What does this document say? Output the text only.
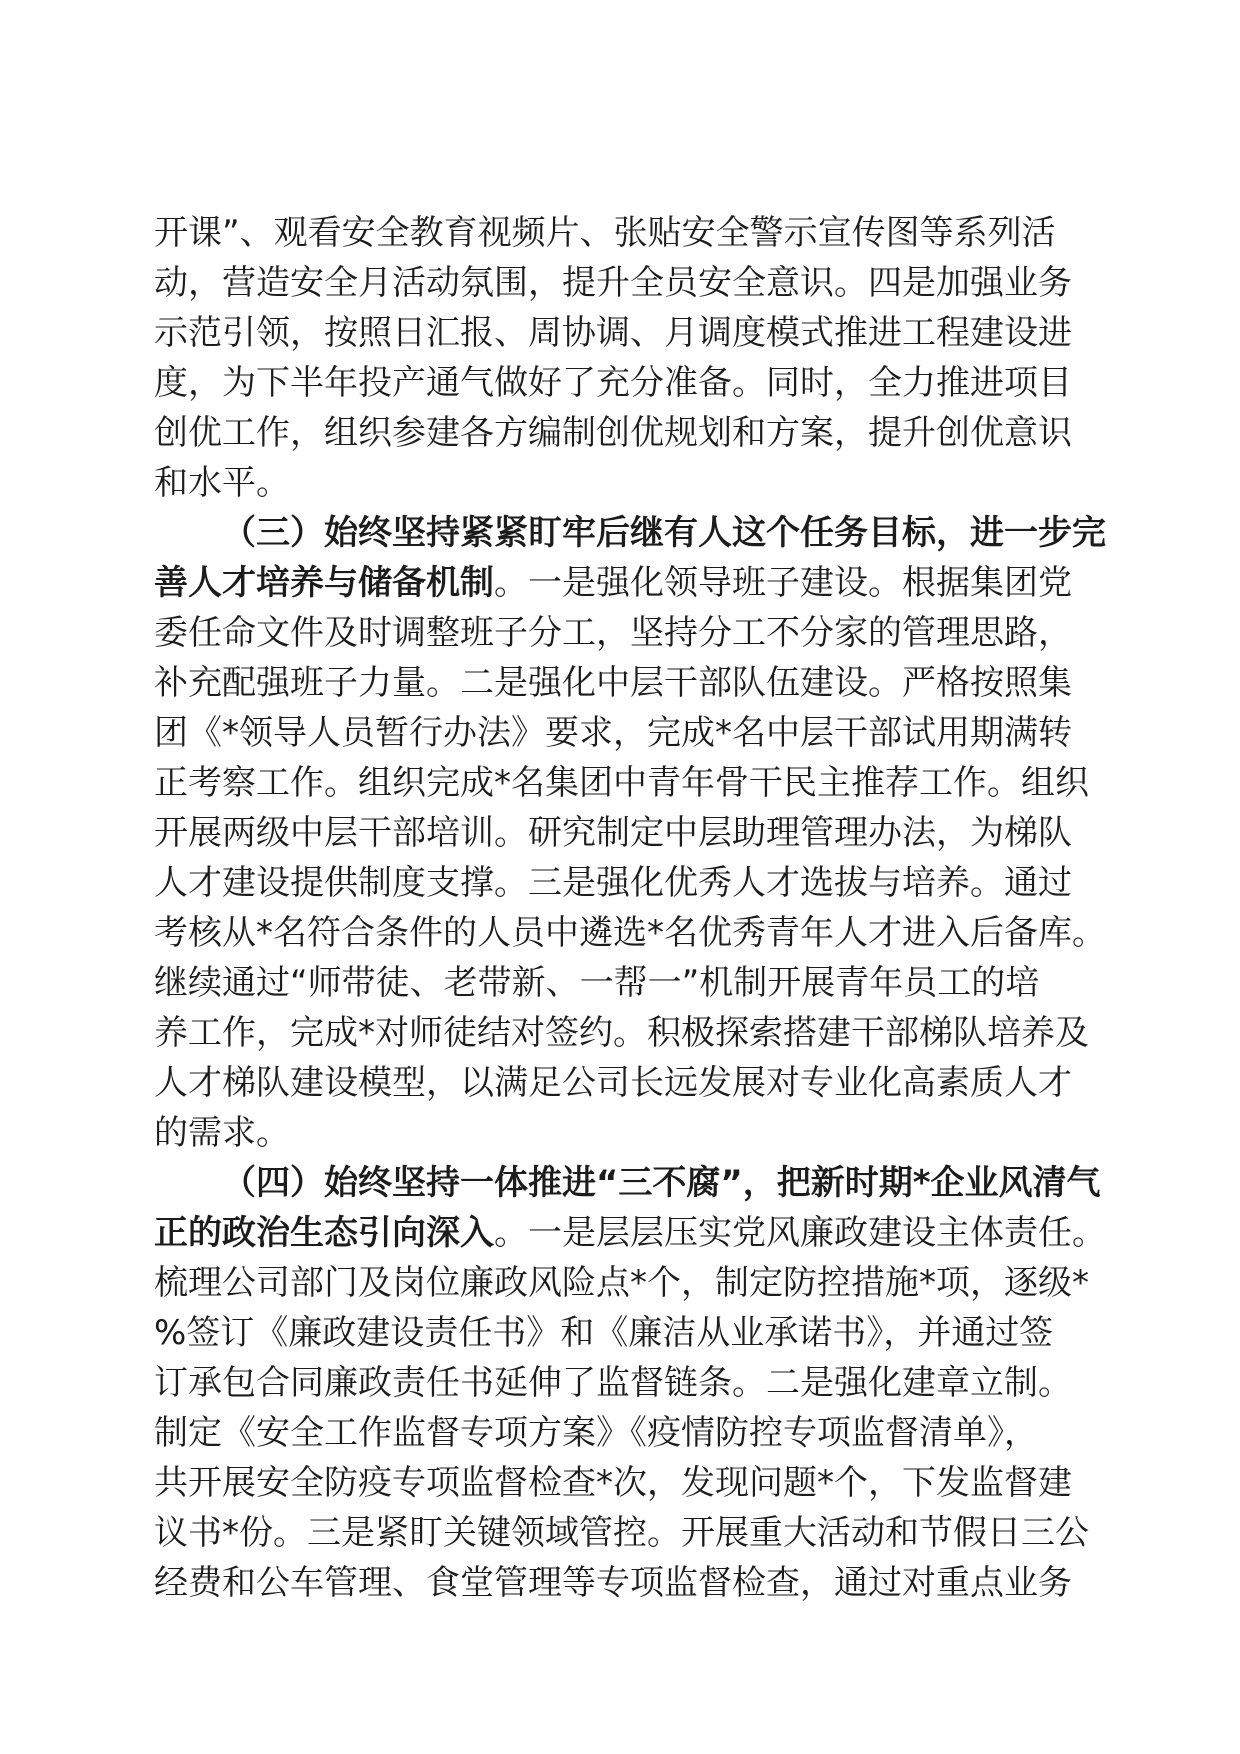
开课”、观看安全教育视频片、张贴安全警示宣传图等系列活
动，营造安全月活动氛围，提升全员安全意识。四是加强业务
示范引领，按照日汇报、周协调、月调度模式推进工程建设进
度，为下半年投产通气做好了充分准备。同时，全力推进项目
创优工作，组织参建各方编制创优规划和方案，提升创优意识
和水平。
（三）始终坚持紧紧盯牢后继有人这个任务目标，进一步完
善人才培养与储备机制。一是强化领导班子建设。根据集团党
委任命文件及时调整班子分工，坚持分工不分家的管理思路，
补充配强班子力量。二是强化中层干部队伍建设。严格按照集
团《*领导人员暂行办法》要求，完成*名中层干部试用期满转
正考察工作。组织完成*名集团中青年骨干民主推荐工作。组织
开展两级中层干部培训。研究制定中层助理管理办法，为梯队
人才建设提供制度支撑。三是强化优秀人才选拔与培养。通过
考核从*名符合条件的人员中遴选*名优秀青年人才进入后备库。
继续通过“师带徒、老带新、一帮一”机制开展青年员工的培
养工作，完成*对师徒结对签约。积极探索搭建干部梯队培养及
人才梯队建设模型，以满足公司长远发展对专业化高素质人才
的需求。
（四）始终坚持一体推进“三不腐”，把新时期*企业风清气
正的政治生态引向深入。一是层层压实党风廉政建设主体责任。
梳理公司部门及岗位廉政风险点*个，制定防控措施*项，逐级*
%签订《廉政建设责任书》和《廉洁从业承诺书》，并通过签
订承包合同廉政责任书延伸了监督链条。二是强化建章立制。
制定《安全工作监督专项方案》《疫情防控专项监督清单》，
共开展安全防疫专项监督检查*次，发现问题*个，下发监督建
议书*份。三是紧盯关键领域管控。开展重大活动和节假日三公
经费和公车管理、食堂管理等专项监督检查，通过对重点业务
